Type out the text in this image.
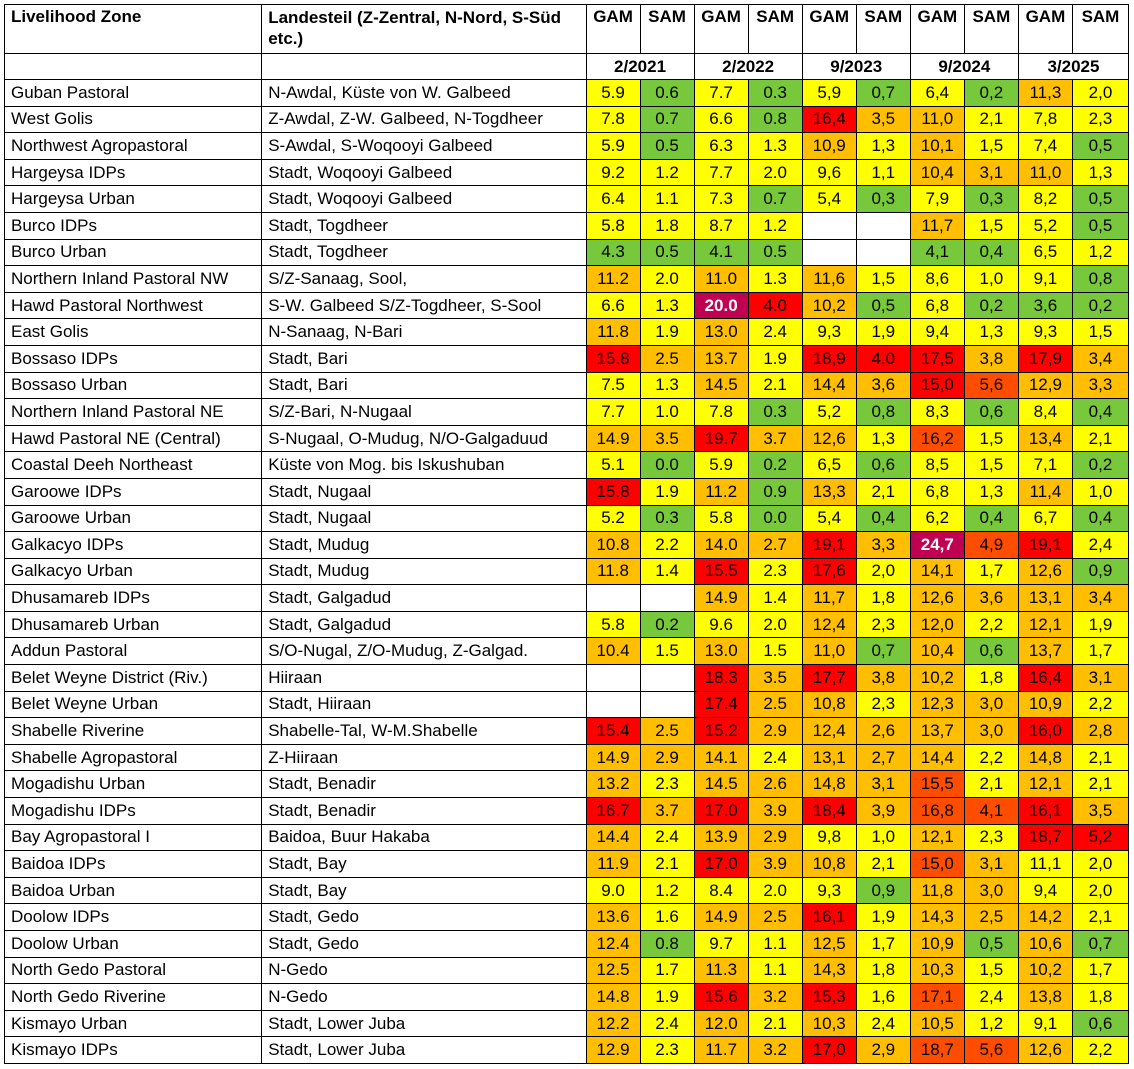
Livelihood Zone	Landesteil (Z-Zentral, N-Nord, S-Süd etc.)	GAM	SAM	GAM	SAM	GAM	SAM	GAM	SAM	GAM	SAM
		2/2021		2/2022		9/2023		9/2024		3/2025	
Guban Pastoral	N-Awdal, Küste von W. Galbeed	5.9	0.6	7.7	0.3	5,9	0,7	6,4	0,2	11,3	2,0
West Golis	Z-Awdal, Z-W. Galbeed, N-Togdheer	7.8	0.7	6.6	0.8	16,4	3,5	11,0	2,1	7,8	2,3
Northwest Agropastoral	S-Awdal, S-Woqooyi Galbeed	5.9	0.5	6.3	1.3	10,9	1,3	10,1	1,5	7,4	0,5
Hargeysa IDPs	Stadt, Woqooyi Galbeed	9.2	1.2	7.7	2.0	9,6	1,1	10,4	3,1	11,0	1,3
Hargeysa Urban	Stadt, Woqooyi Galbeed	6.4	1.1	7.3	0.7	5,4	0,3	7,9	0,3	8,2	0,5
Burco IDPs	Stadt, Togdheer	5.8	1.8	8.7	1.2			11,7	1,5	5,2	0,5
Burco Urban	Stadt, Togdheer	4.3	0.5	4.1	0.5			4,1	0,4	6,5	1,2
Northern Inland Pastoral NW	S/Z-Sanaag, Sool,	11.2	2.0	11.0	1.3	11,6	1,5	8,6	1,0	9,1	0,8
Hawd Pastoral Northwest	S-W. Galbeed S/Z-Togdheer, S-Sool	6.6	1.3	20.0	4.0	10,2	0,5	6,8	0,2	3,6	0,2
East Golis	N-Sanaag, N-Bari	11.8	1.9	13.0	2.4	9,3	1,9	9,4	1,3	9,3	1,5
Bossaso IDPs	Stadt, Bari	15.8	2.5	13.7	1.9	18,9	4,0	17,5	3,8	17,9	3,4
Bossaso Urban	Stadt, Bari	7.5	1.3	14.5	2.1	14,4	3,6	15,0	5,6	12,9	3,3
Northern Inland Pastoral NE	S/Z-Bari, N-Nugaal	7.7	1.0	7.8	0.3	5,2	0,8	8,3	0,6	8,4	0,4
Hawd Pastoral NE (Central)	S-Nugaal, O-Mudug, N/O-Galgaduud	14.9	3.5	19.7	3.7	12,6	1,3	16,2	1,5	13,4	2,1
Coastal Deeh Northeast	Küste von Mog. bis Iskushuban	5.1	0.0	5.9	0.2	6,5	0,6	8,5	1,5	7,1	0,2
Garoowe IDPs	Stadt, Nugaal	15.8	1.9	11.2	0.9	13,3	2,1	6,8	1,3	11,4	1,0
Garoowe Urban	Stadt, Nugaal	5.2	0.3	5.8	0.0	5,4	0,4	6,2	0,4	6,7	0,4
Galkacyo IDPs	Stadt, Mudug	10.8	2.2	14.0	2.7	19,1	3,3	24,7	4,9	19,1	2,4
Galkacyo Urban	Stadt, Mudug	11.8	1.4	15.5	2.3	17,6	2,0	14,1	1,7	12,6	0,9
Dhusamareb IDPs	Stadt, Galgadud			14.9	1.4	11,7	1,8	12,6	3,6	13,1	3,4
Dhusamareb Urban	Stadt, Galgadud	5.8	0.2	9.6	2.0	12,4	2,3	12,0	2,2	12,1	1,9
Addun Pastoral	S/O-Nugal, Z/O-Mudug, Z-Galgad.	10.4	1.5	13.0	1.5	11,0	0,7	10,4	0,6	13,7	1,7
Belet Weyne District (Riv.)	Hiiraan			18.3	3.5	17,7	3,8	10,2	1,8	16,4	3,1
Belet Weyne Urban	Stadt, Hiiraan			17.4	2.5	10,8	2,3	12,3	3,0	10,9	2,2
Shabelle Riverine	Shabelle-Tal, W-M.Shabelle	15.4	2.5	15.2	2.9	12,4	2,6	13,7	3,0	16,0	2,8
Shabelle Agropastoral	Z-Hiiraan	14.9	2.9	14.1	2.4	13,1	2,7	14,4	2,2	14,8	2,1
Mogadishu Urban	Stadt, Benadir	13.2	2.3	14.5	2.6	14,8	3,1	15,5	2,1	12,1	2,1
Mogadishu IDPs	Stadt, Benadir	16.7	3.7	17.0	3.9	18,4	3,9	16,8	4,1	16,1	3,5
Bay Agropastoral I	Baidoa, Buur Hakaba	14.4	2.4	13.9	2.9	9,8	1,0	12,1	2,3	18,7	5,2
Baidoa IDPs	Stadt, Bay	11.9	2.1	17.0	3.9	10,8	2,1	15,0	3,1	11,1	2,0
Baidoa Urban	Stadt, Bay	9.0	1.2	8.4	2.0	9,3	0,9	11,8	3,0	9,4	2,0
Doolow IDPs	Stadt, Gedo	13.6	1.6	14.9	2.5	16,1	1,9	14,3	2,5	14,2	2,1
Doolow Urban	Stadt, Gedo	12.4	0.8	9.7	1.1	12,5	1,7	10,9	0,5	10,6	0,7
North Gedo Pastoral	N-Gedo	12.5	1.7	11.3	1.1	14,3	1,8	10,3	1,5	10,2	1,7
North Gedo Riverine	N-Gedo	14.8	1.9	15.6	3.2	15,3	1,6	17,1	2,4	13,8	1,8
Kismayo Urban	Stadt, Lower Juba	12.2	2.4	12.0	2.1	10,3	2,4	10,5	1,2	9,1	0,6
Kismayo IDPs	Stadt, Lower Juba	12.9	2.3	11.7	3.2	17,0	2,9	18,7	5,6	12,6	2,2
